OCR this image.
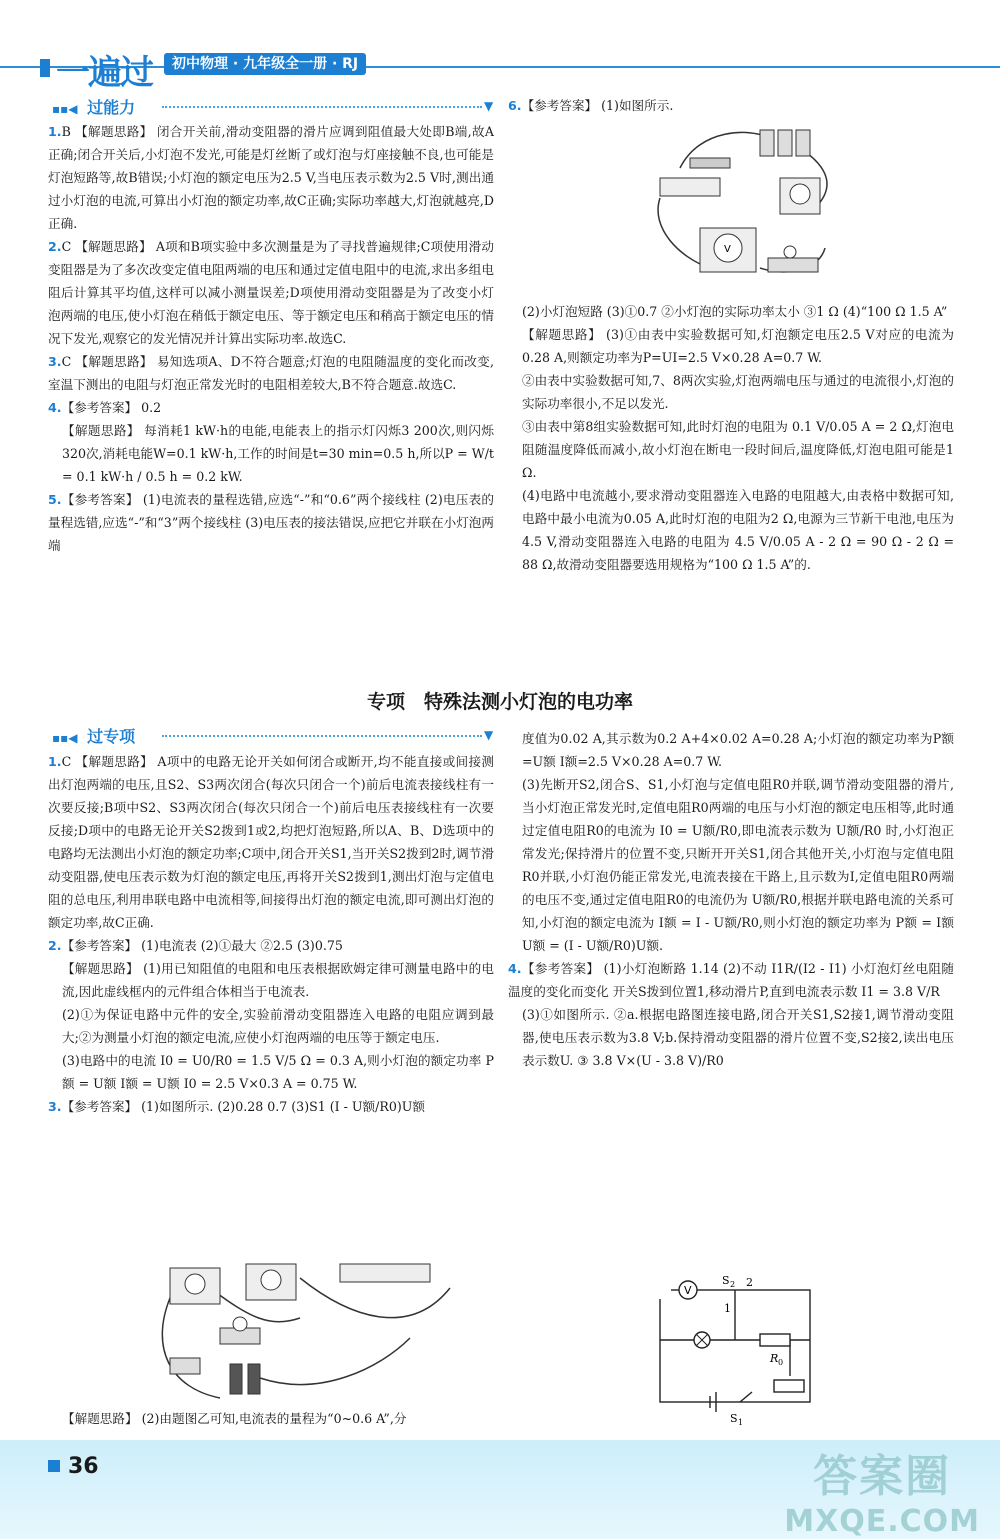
一遍过	初中物理 · 九年级全一册 · RJ
▪▪◀ 过能力	▼

1.B 【解题思路】 闭合开关前,滑动变阻器的滑片应调到阻值最大处即B端,故A正确;闭合开关后,小灯泡不发光,可能是灯丝断了或灯泡与灯座接触不良,也可能是灯泡短路等,故B错误;小灯泡的额定电压为2.5 V,当电压表示数为2.5 V时,测出通过小灯泡的电流,可算出小灯泡的额定功率,故C正确;实际功率越大,灯泡就越亮,D正确.

2.C 【解题思路】 A项和B项实验中多次测量是为了寻找普遍规律;C项使用滑动变阻器是为了多次改变定值电阻两端的电压和通过定值电阻中的电流,求出多组电阻后计算其平均值,这样可以减小测量误差;D项使用滑动变阻器是为了改变小灯泡两端的电压,使小灯泡在稍低于额定电压、等于额定电压和稍高于额定电压的情况下发光,观察它的发光情况并计算出实际功率.故选C.

3.C 【解题思路】 易知选项A、D不符合题意;灯泡的电阻随温度的变化而改变,室温下测出的电阻与灯泡正常发光时的电阻相差较大,B不符合题意.故选C.

4.【参考答案】 0.2

【解题思路】 每消耗1 kW·h的电能,电能表上的指示灯闪烁3 200次,则闪烁320次,消耗电能W=0.1 kW·h,工作的时间是t=30 min=0.5 h,所以P = W/t = 0.1 kW·h / 0.5 h = 0.2 kW.

5.【参考答案】 (1)电流表的量程选错,应选“-”和“0.6”两个接线柱 (2)电压表的量程选错,应选“-”和“3”两个接线柱 (3)电压表的接法错误,应把它并联在小灯泡两端

6.【参考答案】 (1)如图所示.

V

(2)小灯泡短路 (3)①0.7 ②小灯泡的实际功率太小 ③1 Ω (4)“100 Ω 1.5 A”

【解题思路】 (3)①由表中实验数据可知,灯泡额定电压2.5 V对应的电流为0.28 A,则额定功率为P=UI=2.5 V×0.28 A=0.7 W.

②由表中实验数据可知,7、8两次实验,灯泡两端电压与通过的电流很小,灯泡的实际功率很小,不足以发光.

③由表中第8组实验数据可知,此时灯泡的电阻为 0.1 V/0.05 A = 2 Ω,灯泡电阻随温度降低而减小,故小灯泡在断电一段时间后,温度降低,灯泡电阻可能是1 Ω.

(4)电路中电流越小,要求滑动变阻器连入电路的电阻越大,由表格中数据可知,电路中最小电流为0.05 A,此时灯泡的电阻为2 Ω,电源为三节新干电池,电压为4.5 V,滑动变阻器连入电路的电阻为 4.5 V/0.05 A - 2 Ω = 90 Ω - 2 Ω = 88 Ω,故滑动变阻器要选用规格为“100 Ω 1.5 A”的.

专项　特殊法测小灯泡的电功率
▪▪◀ 过专项	▼

1.C 【解题思路】 A项中的电路无论开关如何闭合或断开,均不能直接或间接测出灯泡两端的电压,且S2、S3两次闭合(每次只闭合一个)前后电流表接线柱有一次要反接;B项中S2、S3两次闭合(每次只闭合一个)前后电压表接线柱有一次要反接;D项中的电路无论开关S2拨到1或2,均把灯泡短路,所以A、B、D选项中的电路均无法测出小灯泡的额定功率;C项中,闭合开关S1,当开关S2拨到2时,调节滑动变阻器,使电压表示数为灯泡的额定电压,再将开关S2拨到1,测出灯泡与定值电阻的总电压,利用串联电路中电流相等,间接得出灯泡的额定电流,即可测出灯泡的额定功率,故C正确.

2.【参考答案】 (1)电流表 (2)①最大 ②2.5 (3)0.75

【解题思路】 (1)用已知阻值的电阻和电压表根据欧姆定律可测量电路中的电流,因此虚线框内的元件组合体相当于电流表.

(2)①为保证电路中元件的安全,实验前滑动变阻器连入电路的电阻应调到最大;②为测量小灯泡的额定电流,应使小灯泡两端的电压等于额定电压.

(3)电路中的电流 I0 = U0/R0 = 1.5 V/5 Ω = 0.3 A,则小灯泡的额定功率 P额 = U额 I额 = U额 I0 = 2.5 V×0.3 A = 0.75 W.

3.【参考答案】 (1)如图所示. (2)0.28 0.7 (3)S1 (I - U额/R0)U额

【解题思路】 (2)由题图乙可知,电流表的量程为“0~0.6 A”,分

度值为0.02 A,其示数为0.2 A+4×0.02 A=0.28 A;小灯泡的额定功率为P额=U额 I额=2.5 V×0.28 A=0.7 W.

(3)先断开S2,闭合S、S1,小灯泡与定值电阻R0并联,调节滑动变阻器的滑片,当小灯泡正常发光时,定值电阻R0两端的电压与小灯泡的额定电压相等,此时通过定值电阻R0的电流为 I0 = U额/R0,即电流表示数为 U额/R0 时,小灯泡正常发光;保持滑片的位置不变,只断开开关S1,闭合其他开关,小灯泡与定值电阻R0并联,小灯泡仍能正常发光,电流表接在干路上,且示数为I,定值电阻R0两端的电压不变,通过定值电阻R0的电流仍为 U额/R0,根据并联电路电流的关系可知,小灯泡的额定电流为 I额 = I - U额/R0,则小灯泡的额定功率为 P额 = I额 U额 = (I - U额/R0)U额.

4.【参考答案】 (1)小灯泡断路 1.14 (2)不动 I1R/(I2 - I1) 小灯泡灯丝电阻随温度的变化而变化 开关S拨到位置1,移动滑片P,直到电流表示数 I1 = 3.8 V/R

(3)①如图所示. ②a.根据电路图连接电路,闭合开关S1,S2接1,调节滑动变阻器,使电压表示数为3.8 V;b.保持滑动变阻器的滑片位置不变,S2接2,读出电压表示数U. ③ 3.8 V×(U - 3.8 V)/R0

V
S 2 2
1
R 0
S 1
36	答案圈
MXQE.COM
